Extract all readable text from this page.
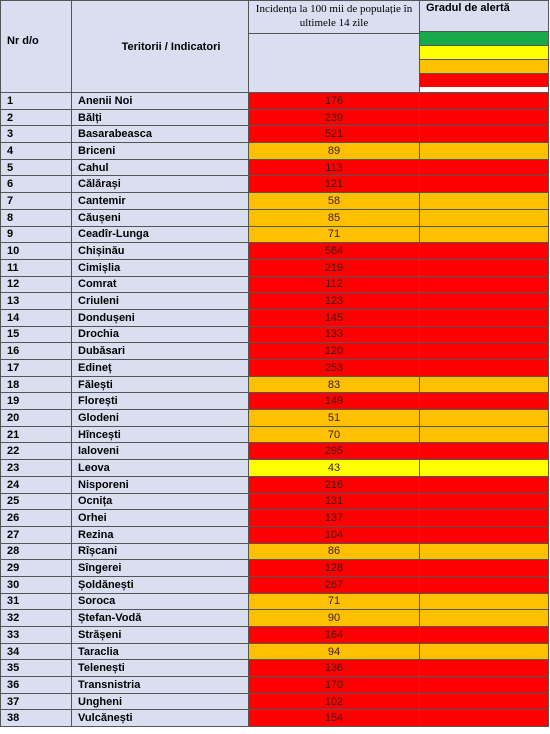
Nr d/o	Teritorii / Indicatori	Incidența la 100 mii de populație în ultimele 14 zile	Gradul de alertă

1	Anenii Noi	176	
2	Bălți	239	
3	Basarabeasca	521	
4	Briceni	89	
5	Cahul	113	
6	Călărași	121	
7	Cantemir	58	
8	Căușeni	85	
9	Ceadîr-Lunga	71	
10	Chișinău	584	
11	Cimișlia	219	
12	Comrat	112	
13	Criuleni	123	
14	Dondușeni	145	
15	Drochia	133	
16	Dubăsari	120	
17	Edineț	253	
18	Fălești	83	
19	Florești	149	
20	Glodeni	51	
21	Hîncești	70	
22	Ialoveni	295	
23	Leova	43	
24	Nisporeni	216	
25	Ocnița	131	
26	Orhei	137	
27	Rezina	104	
28	Rîșcani	86	
29	Sîngerei	128	
30	Șoldănești	267	
31	Soroca	71	
32	Ștefan-Vodă	90	
33	Strășeni	164	
34	Taraclia	94	
35	Telenești	136	
36	Transnistria	170	
37	Ungheni	102	
38	Vulcănești	154	
